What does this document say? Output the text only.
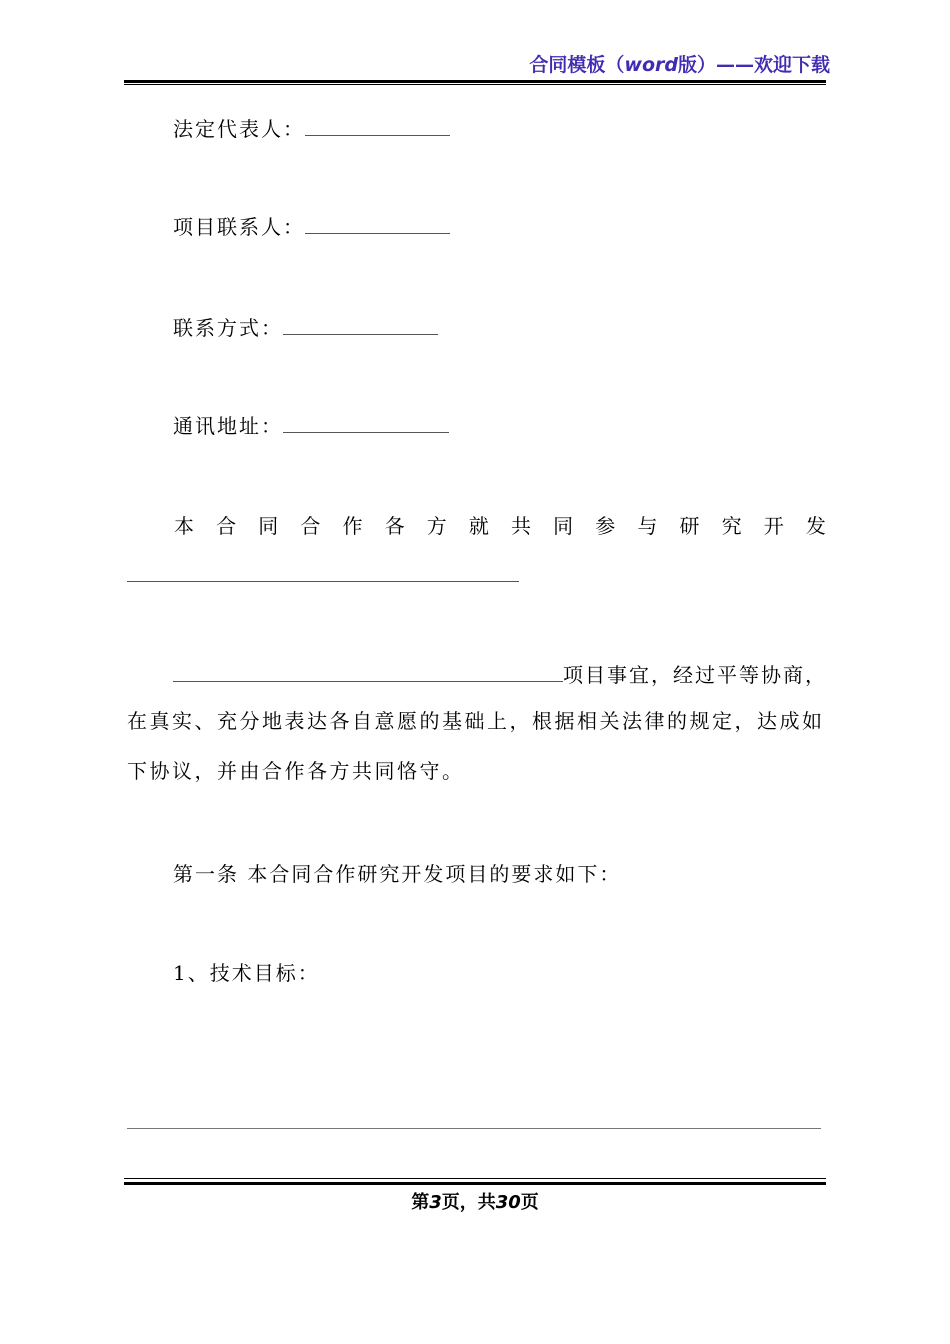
合同模板（word版）——欢迎下载
法定代表人：
项目联系人：
联系方式：
通讯地址：
本 合 同 合 作 各 方 就 共 同 参 与 研 究 开 发
项目事宜，经过平等协商，
在真实、充分地表达各自意愿的基础上，根据相关法律的规定，达成如
下协议，并由合作各方共同恪守。
第一条 本合同合作研究开发项目的要求如下：
1、技术目标：
第3页，共30页
